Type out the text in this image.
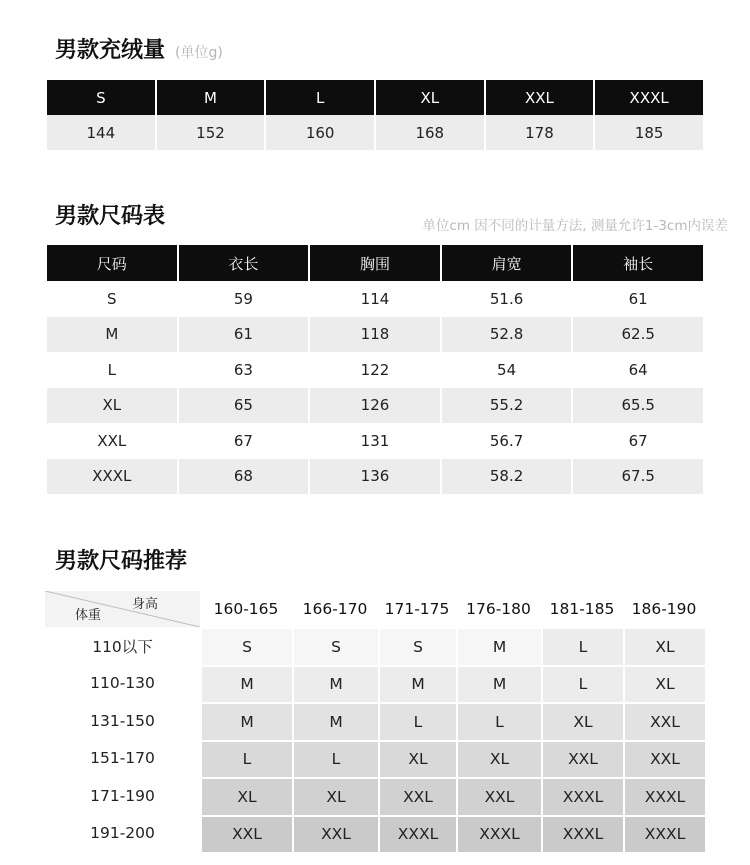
男款充绒量 (单位g)
S	M	L	XL	XXL	XXXL
144	152	160	168	178	185
男款尺码表	单位cm 因不同的计量方法, 测量允许1-3cm内误差
尺码	衣长	胸围	肩宽	袖长
S	59	114	51.6	61
M	61	118	52.8	62.5
L	63	122	54	64
XL	65	126	55.2	65.5
XXL	67	131	56.7	67
XXXL	68	136	58.2	67.5
男款尺码推荐
身高
体重	160-165	166-170	171-175	176-180	181-185	186-190
110以下	S	S	S	M	L	XL
110-130	M	M	M	M	L	XL
131-150	M	M	L	L	XL	XXL
151-170	L	L	XL	XL	XXL	XXL
171-190	XL	XL	XXL	XXL	XXXL	XXXL
191-200	XXL	XXL	XXXL	XXXL	XXXL	XXXL
